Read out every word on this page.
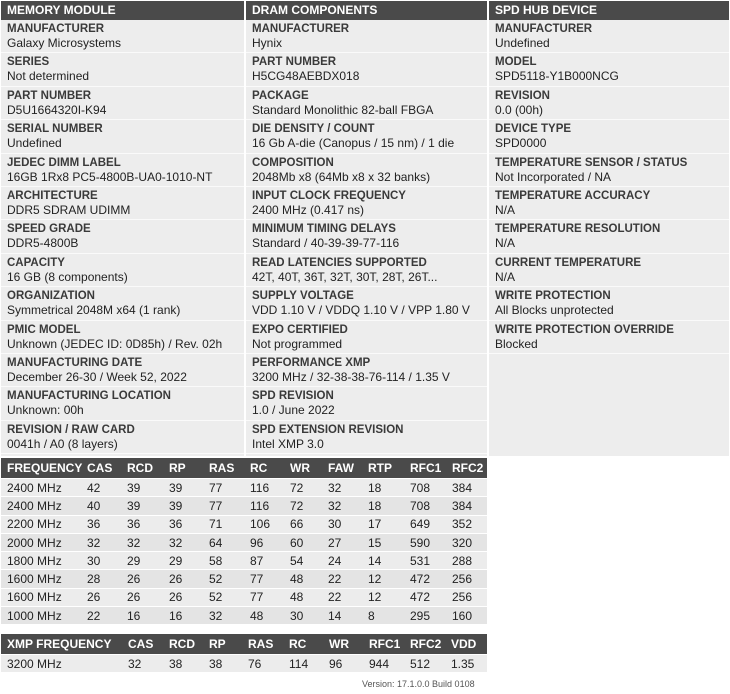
MEMORY MODULE
MANUFACTURER
Galaxy Microsystems
SERIES
Not determined
PART NUMBER
D5U1664320I-K94
SERIAL NUMBER
Undefined
JEDEC DIMM LABEL
16GB 1Rx8 PC5-4800B-UA0-1010-NT
ARCHITECTURE
DDR5 SDRAM UDIMM
SPEED GRADE
DDR5-4800B
CAPACITY
16 GB (8 components)
ORGANIZATION
Symmetrical 2048M x64 (1 rank)
PMIC MODEL
Unknown (JEDEC ID: 0D85h) / Rev. 02h
MANUFACTURING DATE
December 26-30 / Week 52, 2022
MANUFACTURING LOCATION
Unknown: 00h
REVISION / RAW CARD
0041h / A0 (8 layers)
DRAM COMPONENTS
MANUFACTURER
Hynix
PART NUMBER
H5CG48AEBDX018
PACKAGE
Standard Monolithic 82-ball FBGA
DIE DENSITY / COUNT
16 Gb A-die (Canopus / 15 nm) / 1 die
COMPOSITION
2048Mb x8 (64Mb x8 x 32 banks)
INPUT CLOCK FREQUENCY
2400 MHz (0.417 ns)
MINIMUM TIMING DELAYS
Standard / 40-39-39-77-116
READ LATENCIES SUPPORTED
42T, 40T, 36T, 32T, 30T, 28T, 26T...
SUPPLY VOLTAGE
VDD 1.10 V / VDDQ 1.10 V / VPP 1.80 V
EXPO CERTIFIED
Not programmed
PERFORMANCE XMP
3200 MHz / 32-38-38-76-114 / 1.35 V
SPD REVISION
1.0 / June 2022
SPD EXTENSION REVISION
Intel XMP 3.0
SPD HUB DEVICE
MANUFACTURER
Undefined
MODEL
SPD5118-Y1B000NCG
REVISION
0.0 (00h)
DEVICE TYPE
SPD0000
TEMPERATURE SENSOR / STATUS
Not Incorporated / NA
TEMPERATURE ACCURACY
N/A
TEMPERATURE RESOLUTION
N/A
CURRENT TEMPERATURE
N/A
WRITE PROTECTION
All Blocks unprotected
WRITE PROTECTION OVERRIDE
Blocked
FREQUENCY	CAS	RCD	RP	RAS	RC	WR	FAW	RTP	RFC1	RFC2
2400 MHz	42	39	39	77	116	72	32	18	708	384
2400 MHz	40	39	39	77	116	72	32	18	708	384
2200 MHz	36	36	36	71	106	66	30	17	649	352
2000 MHz	32	32	32	64	96	60	27	15	590	320
1800 MHz	30	29	29	58	87	54	24	14	531	288
1600 MHz	28	26	26	52	77	48	22	12	472	256
1600 MHz	26	26	26	52	77	48	22	12	472	256
1000 MHz	22	16	16	32	48	30	14	8	295	160
XMP FREQUENCY	CAS	RCD	RP	RAS	RC	WR	RFC1	RFC2	VDD
3200 MHz	32	38	38	76	114	96	944	512	1.35
Version: 17.1.0.0 Build 0108
